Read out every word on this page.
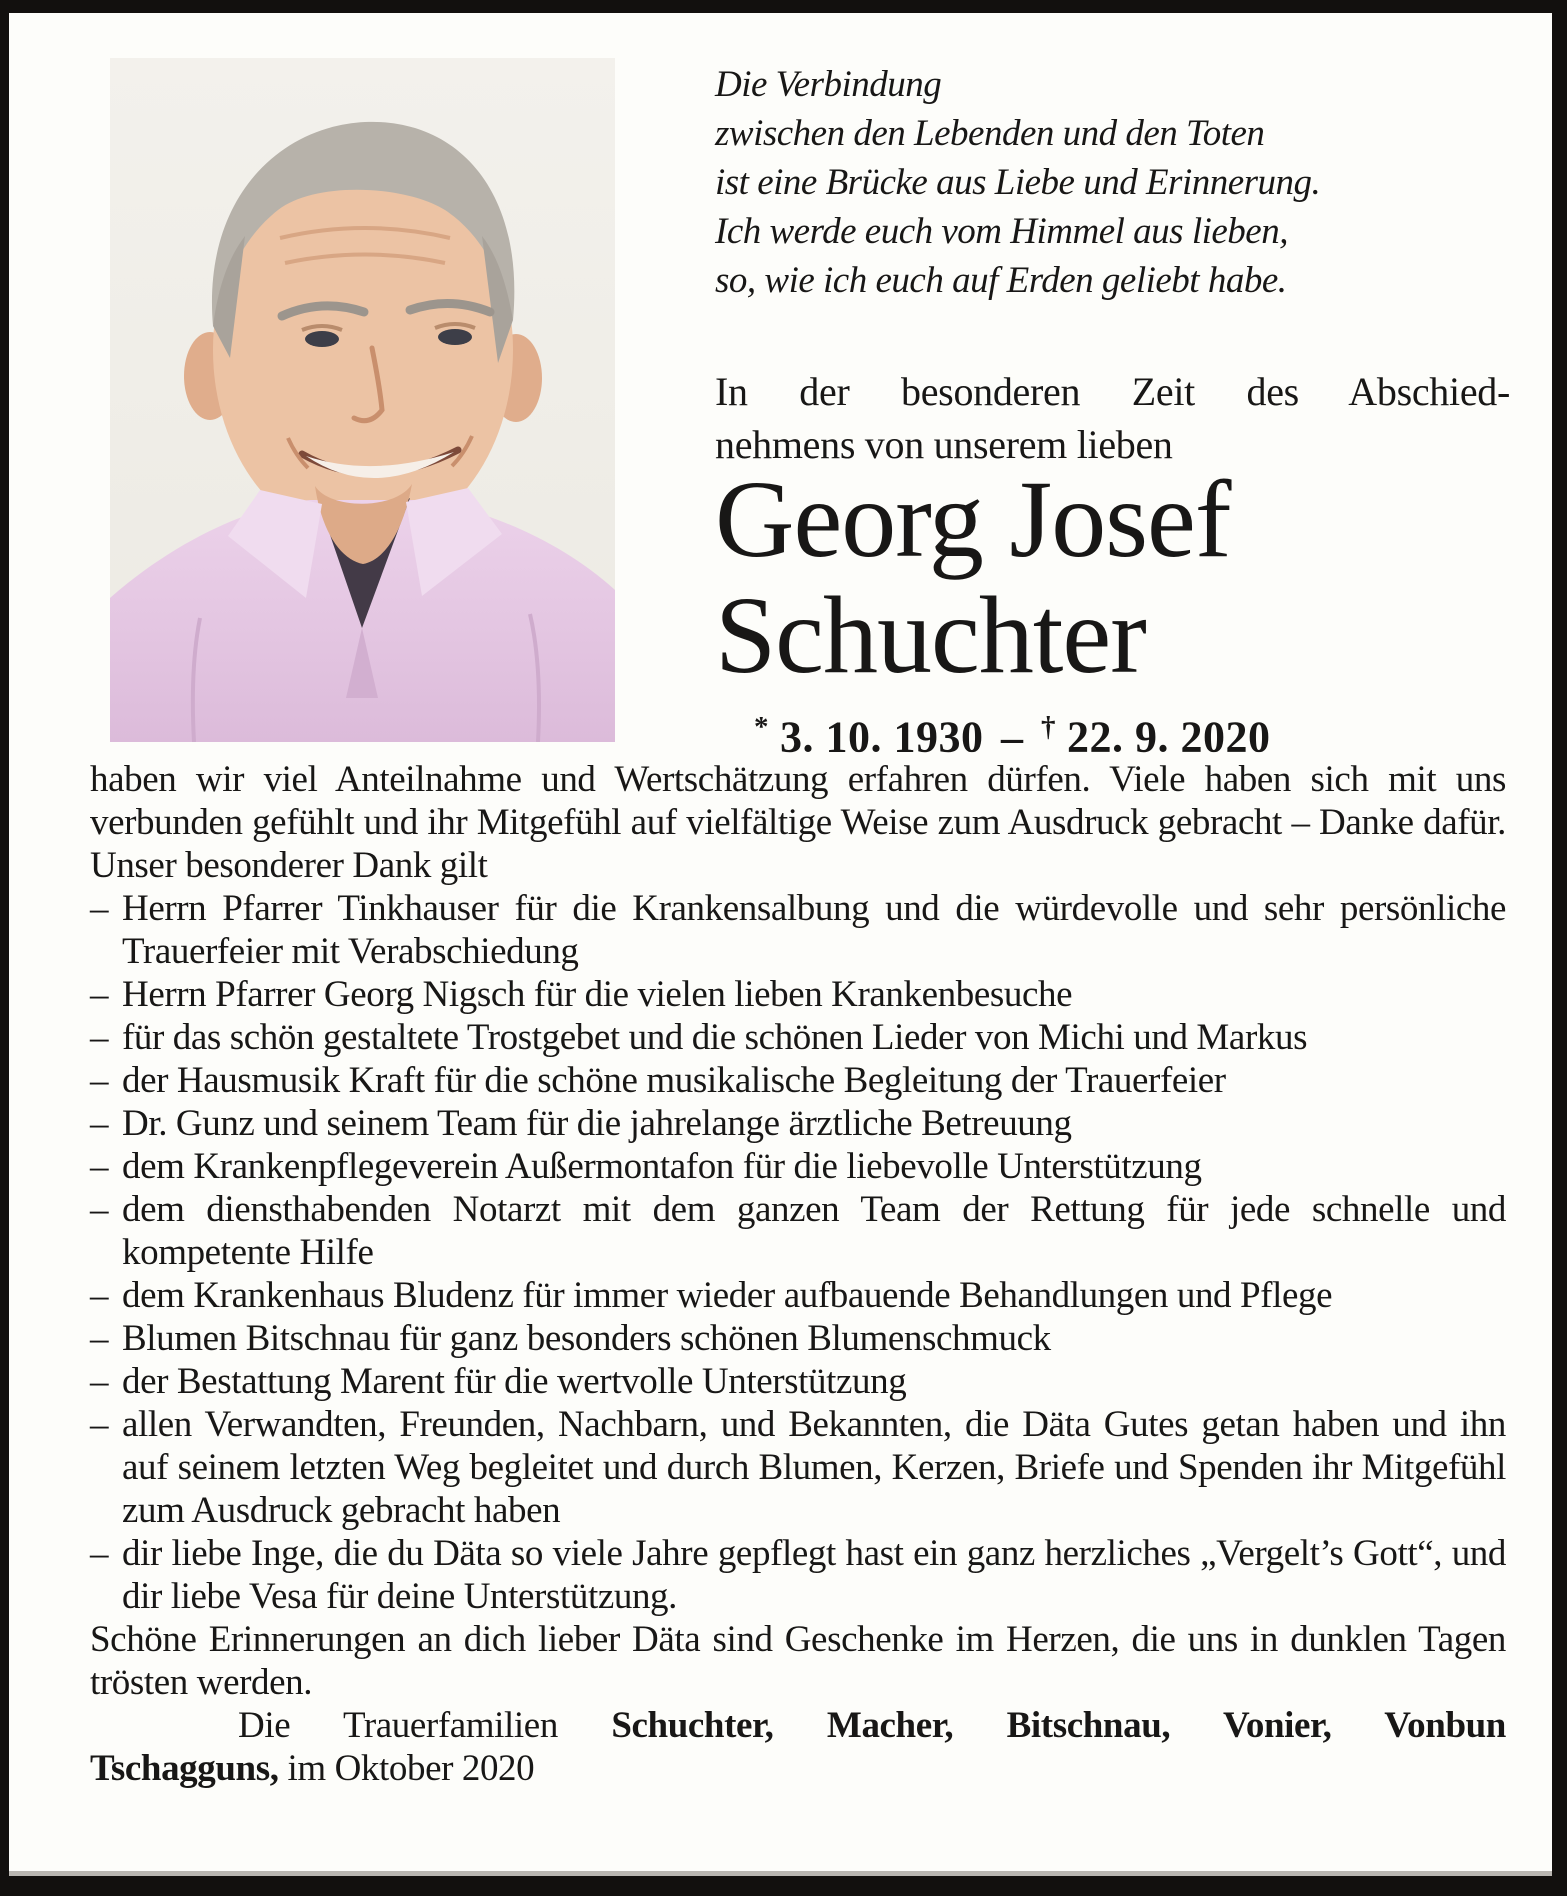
Die Verbindung
zwischen den Lebenden und den Toten
ist eine Brücke aus Liebe und Erinnerung.
Ich werde euch vom Himmel aus lieben,
so, wie ich euch auf Erden geliebt habe.
In der besonderen Zeit des Abschied-
nehmens von unserem lieben
Georg Josef
Schuchter
* 3. 10. 1930 – † 22. 9. 2020

haben wir viel Anteilnahme und Wertschätzung erfahren dürfen. Viele haben sich mit uns verbunden gefühlt und ihr Mitgefühl auf vielfältige Weise zum Ausdruck gebracht – Danke dafür. Unser besonderer Dank gilt

– Herrn Pfarrer Tinkhauser für die Krankensalbung und die würdevolle und sehr persönliche Trauerfeier mit Verabschiedung
– Herrn Pfarrer Georg Nigsch für die vielen lieben Krankenbesuche
– für das schön gestaltete Trostgebet und die schönen Lieder von Michi und Markus
– der Hausmusik Kraft für die schöne musikalische Begleitung der Trauerfeier
– Dr. Gunz und seinem Team für die jahrelange ärztliche Betreuung
– dem Krankenpflegeverein Außermontafon für die liebevolle Unterstützung
– dem diensthabenden Notarzt mit dem ganzen Team der Rettung für jede schnelle und kompetente Hilfe
– dem Krankenhaus Bludenz für immer wieder aufbauende Behandlungen und Pflege
– Blumen Bitschnau für ganz besonders schönen Blumenschmuck
– der Bestattung Marent für die wertvolle Unterstützung
– allen Verwandten, Freunden, Nachbarn, und Bekannten, die Däta Gutes getan haben und ihn auf seinem letzten Weg begleitet und durch Blumen, Kerzen, Briefe und Spenden ihr Mitgefühl zum Ausdruck gebracht haben
– dir liebe Inge, die du Däta so viele Jahre gepflegt hast ein ganz herzliches „Vergelt’s Gott“, und dir liebe Vesa für deine Unterstützung.

Schöne Erinnerungen an dich lieber Däta sind Geschenke im Herzen, die uns in dunklen Tagen trösten werden.

Die Trauerfamilien Schuchter, Macher, Bitschnau, Vonier, Vonbun
Tschagguns, im Oktober 2020
